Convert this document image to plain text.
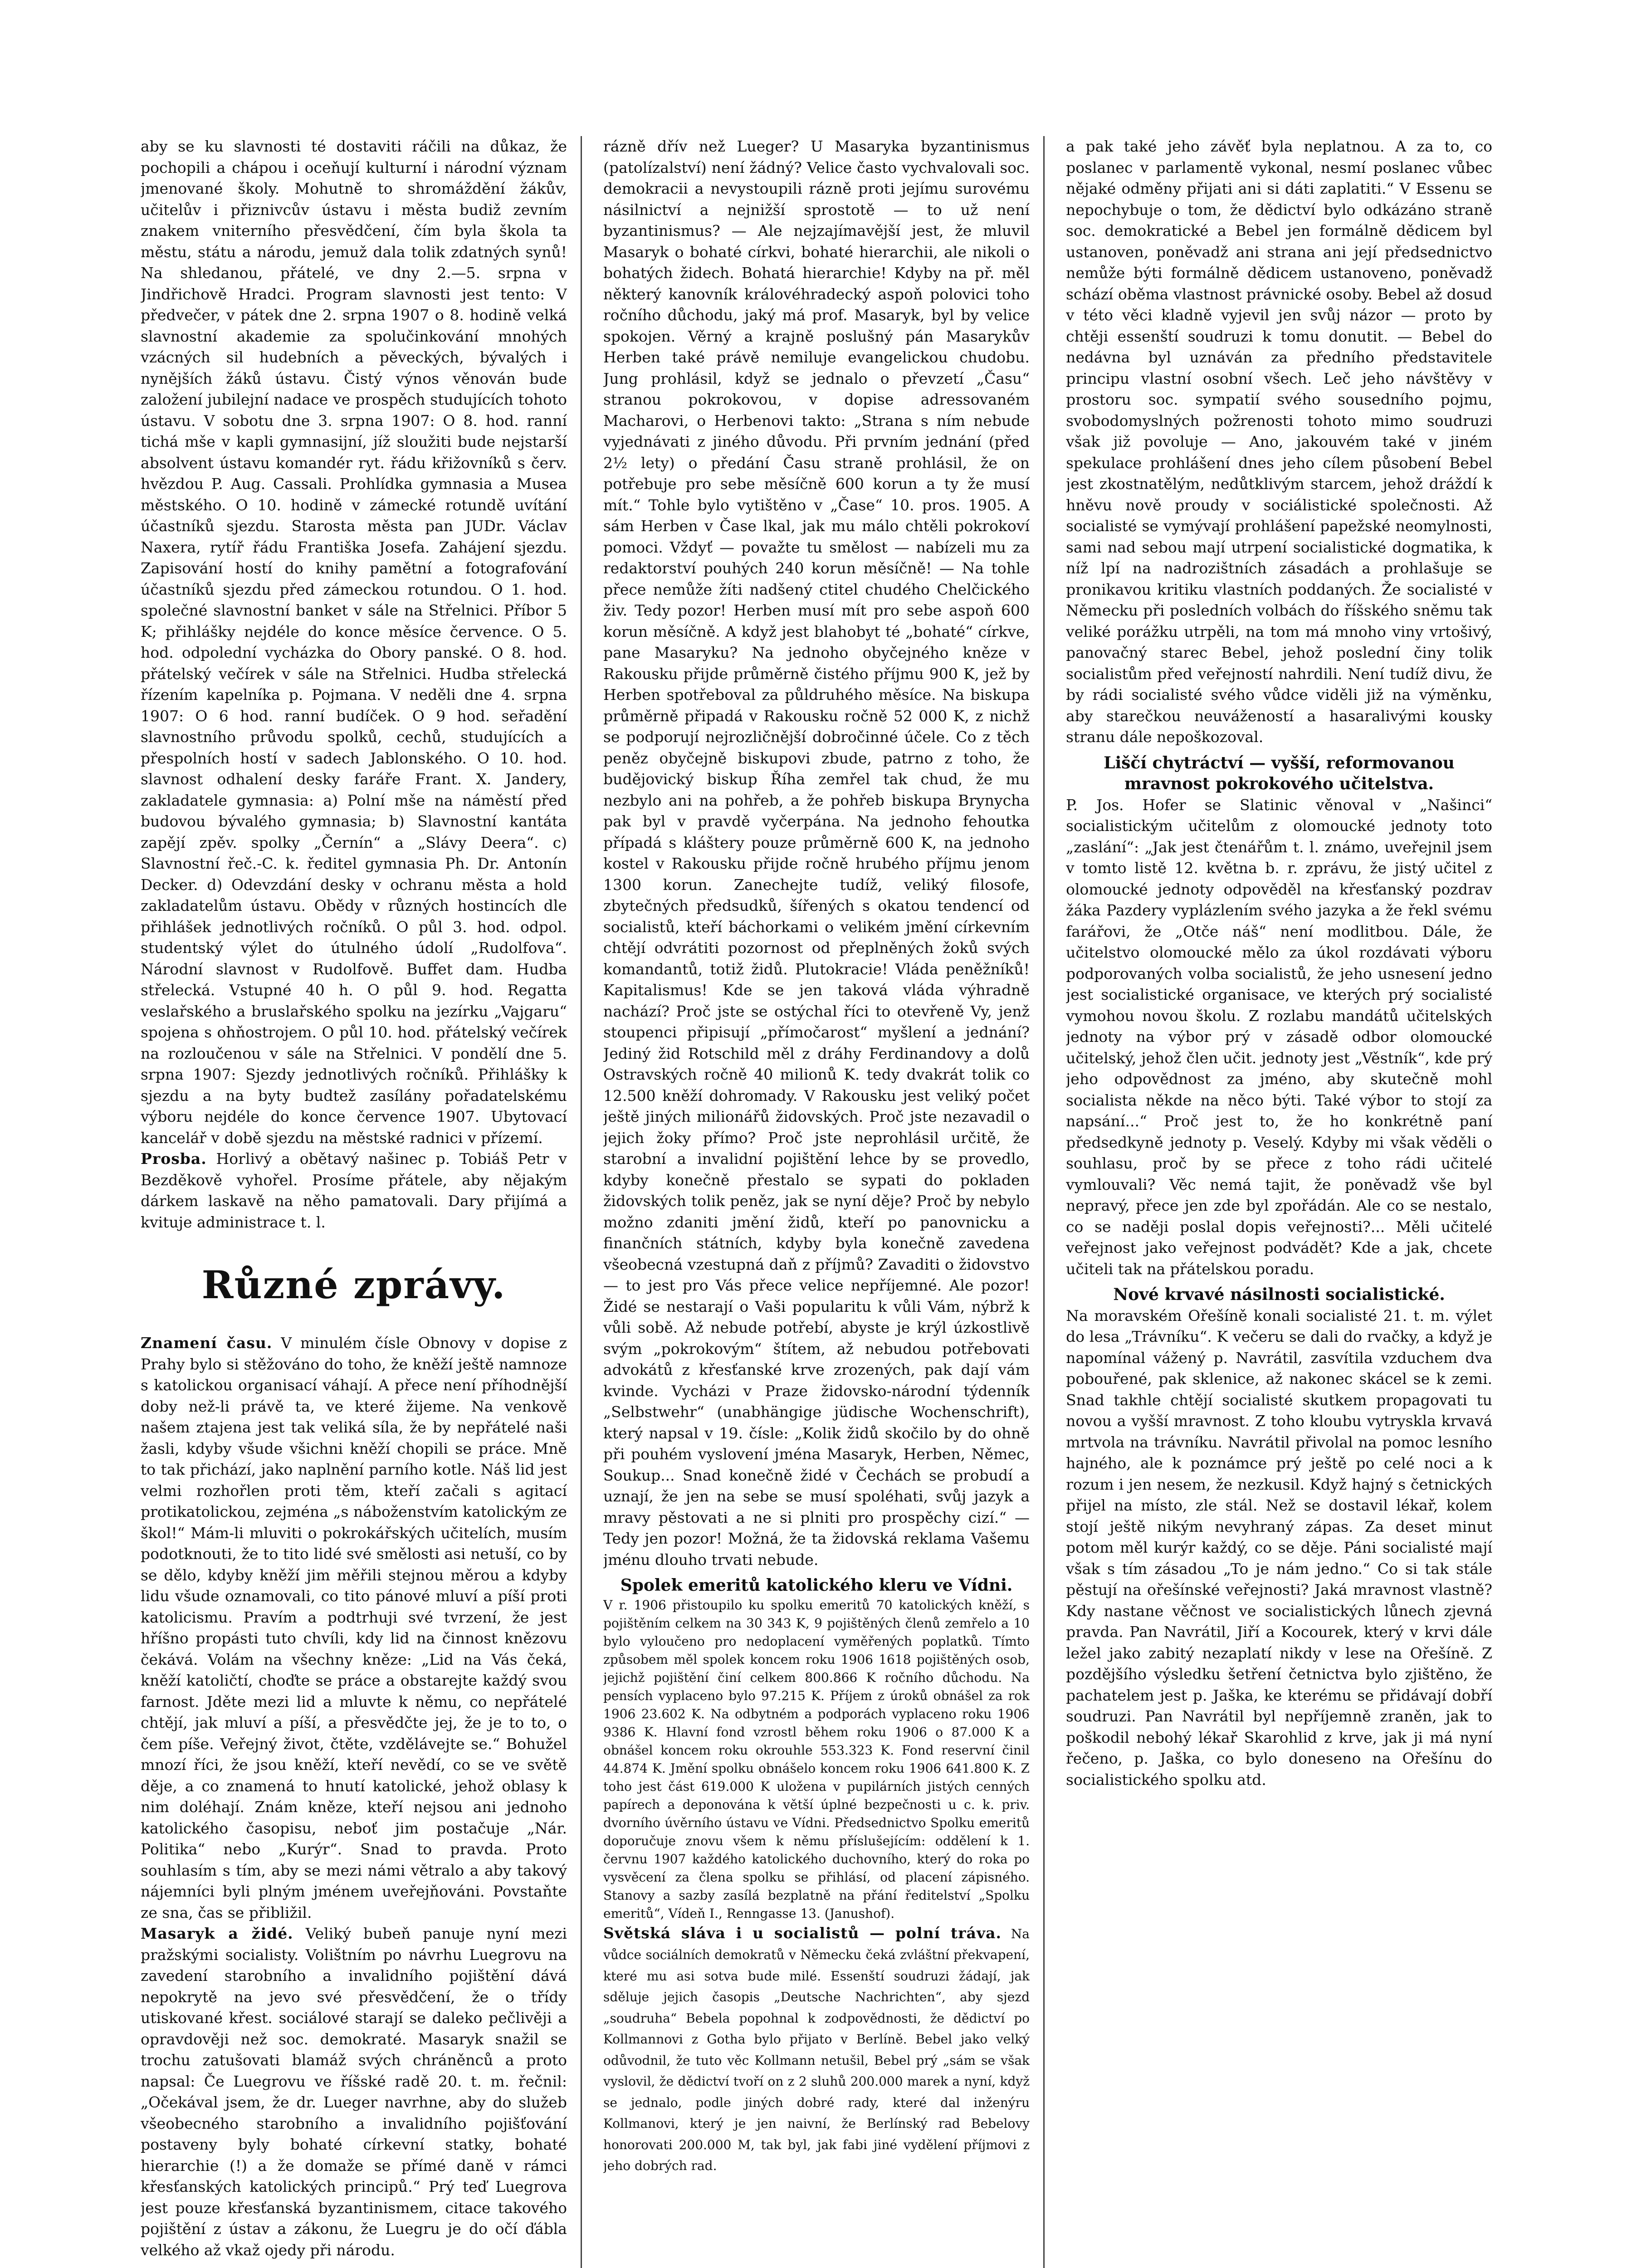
aby se ku slavnosti té dostaviti ráčili na důkaz, že pochopili a chápou i oceňují kulturní i národní význam jmenované školy. Mohutně to shromáždění žákův, učitelův i přiznivcův ústavu i města budiž zevním znakem vniterního přesvědčení, čím byla škola ta městu, státu a národu, jemuž dala tolik zdatných synů! Na shledanou, přátelé, ve dny 2.—5. srpna v Jindřichově Hradci. Program slavnosti jest tento: V předvečer, v pátek dne 2. srpna 1907 o 8. hodině velká slavnostní akademie za spolučinkování mnohých vzácných sil hudebních a pěveckých, bývalých i nynějších žáků ústavu. Čistý výnos věnován bude založení jubilejní nadace ve prospěch studujících tohoto ústavu. V sobotu dne 3. srpna 1907: O 8. hod. ranní tichá mše v kapli gymnasijní, jíž sloužiti bude nejstarší absolvent ústavu komandér ryt. řádu křižovníků s červ. hvězdou P. Aug. Cassali. Prohlídka gymnasia a Musea městského. O 10. hodině v zámecké rotundě uvítání účastníků sjezdu. Starosta města pan JUDr. Václav Naxera, rytíř řádu Františka Josefa. Zahájení sjezdu. Zapisování hostí do knihy pamětní a fotografování účastníků sjezdu před zámeckou rotundou. O 1. hod. společné slavnostní banket v sále na Střelnici. Příbor 5 K; přihlášky nejdéle do konce měsíce července. O 5. hod. odpolední vycházka do Obory panské. O 8. hod. přátelský večírek v sále na Střelnici. Hudba střelecká řízením kapelníka p. Pojmana. V neděli dne 4. srpna 1907: O 6 hod. ranní budíček. O 9 hod. seřadění slavnostního průvodu spolků, cechů, studujících a přespolních hostí v sadech Jablonského. O 10. hod. slavnost odhalení desky faráře Frant. X. Jandery, zakladatele gymnasia: a) Polní mše na náměstí před budovou bývalého gymnasia; b) Slavnostní kantáta zapějí zpěv. spolky „Černín“ a „Slávy Deera“. c) Slavnostní řeč.-C. k. ředitel gymnasia Ph. Dr. Antonín Decker. d) Odevzdání desky v ochranu města a hold zakladatelům ústavu. Obědy v různých hostincích dle přihlášek jednotlivých ročníků. O půl 3. hod. odpol. studentský výlet do útulného údolí „Rudolfova“. Národní slavnost v Rudolfově. Buffet dam. Hudba střelecká. Vstupné 40 h. O půl 9. hod. Regatta veslařského a bruslařského spolku na jezírku „Vajgaru“ spojena s ohňostrojem. O půl 10. hod. přátelský večírek na rozloučenou v sále na Střelnici. V pondělí dne 5. srpna 1907: Sjezdy jednotlivých ročníků. Přihlášky k sjezdu a na byty budtež zasílány pořadatelskému výboru nejdéle do konce července 1907. Ubytovací kancelář v době sjezdu na městské radnici v přízemí.

Prosba. Horlivý a obětavý našinec p. Tobiáš Petr v Bezděkově vyhořel. Prosíme přátele, aby nějakým dárkem laskavě na něho pamatovali. Dary přijímá a kvituje administrace t. l.

Různé zprávy.

Znamení času. V minulém čísle Obnovy v dopise z Prahy bylo si stěžováno do toho, že kněží ještě namnoze s katolickou organisací váhají. A přece není příhodnější doby než-li právě ta, ve které žijeme. Na venkově našem ztajena jest tak veliká síla, že by nepřátelé naši žasli, kdyby všude všichni kněží chopili se práce. Mně to tak přichází, jako naplnění parního kotle. Náš lid jest velmi rozhořlen proti těm, kteří začali s agitací protikatolickou, zejména „s náboženstvím katolickým ze škol!“ Mám-li mluviti o pokrokářských učitelích, musím podotknouti, že to tito lidé své smělosti asi netuší, co by se dělo, kdyby kněží jim měřili stejnou měrou a kdyby lidu všude oznamovali, co tito pánové mluví a píší proti katolicismu. Pravím a podtrhuji své tvrzení, že jest hříšno propásti tuto chvíli, kdy lid na činnost knězovu čekává. Volám na všechny kněze: „Lid na Vás čeká, kněží katoličtí, choďte se práce a obstarejte každý svou farnost. Jděte mezi lid a mluvte k němu, co nepřátelé chtějí, jak mluví a píší, a přesvědčte jej, že je to to, o čem píše. Veřejný život, čtěte, vzdělávejte se.“ Bohužel mnozí říci, že jsou kněží, kteří nevědí, co se ve světě děje, a co znamená to hnutí katolické, jehož oblasy k nim doléhají. Znám kněze, kteří nejsou ani jednoho katolického časopisu, neboť jim postačuje „Nár. Politika“ nebo „Kurýr“. Snad to pravda. Proto souhlasím s tím, aby se mezi námi větralo a aby takový nájemníci byli plným jménem uveřejňováni. Povstaňte ze sna, čas se přibližil.

Masaryk a židé. Veliký bubeň panuje nyní mezi pražskými socialisty. Volištním po návrhu Luegrovu na zavedení starobního a invalidního pojištění dává nepokrytě na jevo své přesvědčení, že o třídy utiskované křest. sociálové starají se daleko pečlivěji a opravdověji než soc. demokraté. Masaryk snažil se trochu zatušovati blamáž svých chráněnců a proto napsal: Če Luegrovu ve říšské radě 20. t. m. řečnil: „Očekával jsem, že dr. Lueger navrhne, aby do služeb všeobecného starobního a invalidního pojišťování postaveny byly bohaté církevní statky, bohaté hierarchie (!) a že domaže se přímé daně v rámci křesťanských katolických principů.“ Prý teď Luegrova jest pouze křesťanská byzantinismem, citace takového pojištění z ústav a zákonu, že Luegru je do očí ďábla velkého až vkaž ojedy při národu.

rázně dřív než Lueger? U Masaryka byzantinismus (patolízalství) není žádný? Velice často vychvalovali soc. demokracii a nevystoupili rázně proti jejímu surovému násilnictví a nejnižší sprostotě — to už není byzantinismus? — Ale nejzajímavější jest, že mluvil Masaryk o bohaté církvi, bohaté hierarchii, ale nikoli o bohatých židech. Bohatá hierarchie! Kdyby na př. měl některý kanovník královéhradecký aspoň polovici toho ročního důchodu, jaký má prof. Masaryk, byl by velice spokojen. Věrný a krajně poslušný pán Masarykův Herben také právě nemiluje evangelickou chudobu. Jung prohlásil, když se jednalo o převzetí „Času“ stranou pokrokovou, v dopise adressovaném Macharovi, o Herbenovi takto: „Strana s ním nebude vyjednávati z jiného důvodu. Při prvním jednání (před 2½ lety) o předání Času straně prohlásil, že on potřebuje pro sebe měsíčně 600 korun a ty že musí mít.“ Tohle bylo vytištěno v „Čase“ 10. pros. 1905. A sám Herben v Čase lkal, jak mu málo chtěli pokrokoví pomoci. Vždyť — považte tu smělost — nabízeli mu za redaktorství pouhých 240 korun měsíčně! — Na tohle přece nemůže žíti nadšený ctitel chudého Chelčického živ. Tedy pozor! Herben musí mít pro sebe aspoň 600 korun měsíčně. A když jest blahobyt té „bohaté“ církve, pane Masaryku? Na jednoho obyčejného kněze v Rakousku přijde průměrně čistého příjmu 900 K, jež by Herben spotřeboval za půldruhého měsíce. Na biskupa průměrně připadá v Rakousku ročně 52 000 K, z nichž se podporují nejrozličnější dobročinné účele. Co z těch peněz obyčejně biskupovi zbude, patrno z toho, že budějovický biskup Říha zemřel tak chud, že mu nezbylo ani na pohřeb, a že pohřeb biskupa Brynycha pak byl v pravdě vyčerpána. Na jednoho fehoutka případá s kláštery pouze průměrně 600 K, na jednoho kostel v Rakousku přijde ročně hrubého příjmu jenom 1300 korun. Zanechejte tudíž, veliký filosofe, zbytečných předsudků, šířených s okatou tendencí od socialistů, kteří báchorkami o velikém jmění církevním chtějí odvrátiti pozornost od přeplněných žoků svých komandantů, totiž židů. Plutokracie! Vláda peněžníků! Kapitalismus! Kde se jen taková vláda výhradně nachází? Proč jste se ostýchal říci to otevřeně Vy, jenž stoupenci připisují „přímočarost“ myšlení a jednání? Jediný žid Rotschild měl z dráhy Ferdinandovy a dolů Ostravských ročně 40 milionů K. tedy dvakrát tolik co 12.500 kněží dohromady. V Rakousku jest veliký počet ještě jiných milionářů židovských. Proč jste nezavadil o jejich žoky přímo? Proč jste neprohlásil určitě, že starobní a invalidní pojištění lehce by se provedlo, kdyby konečně přestalo se sypati do pokladen židovských tolik peněz, jak se nyní děje? Proč by nebylo možno zdaniti jmění židů, kteří po panovnicku a finančních státních, kdyby byla konečně zavedena všeobecná vzestupná daň z příjmů? Zavaditi o židovstvo — to jest pro Vás přece velice nepříjemné. Ale pozor! Židé se nestarají o Vaši popularitu k vůli Vám, nýbrž k vůli sobě. Až nebude potřebí, abyste je krýl úzkostlivě svým „pokrokovým“ štítem, až nebudou potřebovati advokátů z křesťanské krve zrozených, pak dají vám kvinde. Vycházi v Praze židovsko-národní týdenník „Selbstwehr“ (unabhängige jüdische Wochenschrift), který napsal v 19. čísle: „Kolik židů skočilo by do ohně při pouhém vyslovení jména Masaryk, Herben, Němec, Soukup... Snad konečně židé v Čechách se probudí a uznají, že jen na sebe se musí spoléhati, svůj jazyk a mravy pěstovati a ne si plniti pro prospěchy cizí.“ — Tedy jen pozor! Možná, že ta židovská reklama Vašemu jménu dlouho trvati nebude.

Spolek emeritů katolického kleru ve Vídni.

V r. 1906 přistoupilo ku spolku emeritů 70 katolických kněží, s pojištěním celkem na 30 343 K, 9 pojištěných členů zemřelo a 10 bylo vyloučeno pro nedoplacení vyměřených poplatků. Tímto způsobem měl spolek koncem roku 1906 1618 pojištěných osob, jejichž pojištění činí celkem 800.866 K ročního důchodu. Na pensích vyplaceno bylo 97.215 K. Příjem z úroků obnášel za rok 1906 23.602 K. Na odbytném a podporách vyplaceno roku 1906 9386 K. Hlavní fond vzrostl během roku 1906 o 87.000 K a obnášel koncem roku okrouhle 553.323 K. Fond reservní činil 44.874 K. Jmění spolku obnášelo koncem roku 1906 641.800 K. Z toho jest část 619.000 K uložena v pupilárních jistých cenných papírech a deponována k větší úplné bezpečnosti u c. k. priv. dvorního úvěrního ústavu ve Vídni. Předsednictvo Spolku emeritů doporučuje znovu všem k němu příslušejícím: oddělení k 1. červnu 1907 každého katolického duchovního, který do roka po vysvěcení za člena spolku se přihlásí, od placení zápisného. Stanovy a sazby zasílá bezplatně na přání ředitelství „Spolku emeritů“, Vídeň I., Renngasse 13. (Janushof).

Světská sláva i u socialistů — polní tráva. Na vůdce sociálních demokratů v Německu čeká zvláštní překvapení, které mu asi sotva bude milé. Essenští soudruzi žádají, jak sděluje jejich časopis „Deutsche Nachrichten“, aby sjezd „soudruha“ Bebela popohnal k zodpovědnosti, že dědictví po Kollmannovi z Gotha bylo přijato v Berlíně. Bebel jako velký odůvodnil, že tuto věc Kollmann netušil, Bebel prý „sám se však vyslovil, že dědictví tvoří on z 2 sluhů 200.000 marek a nyní, když se jednalo, podle jiných dobré rady, které dal inženýru Kollmanovi, který je jen naivní, že Berlínský rad Bebelovy honorovati 200.000 M, tak byl, jak fabi jiné vydělení příjmovi z jeho dobrých rad.

a pak také jeho závěť byla neplatnou. A za to, co poslanec v parlamentě vykonal, nesmí poslanec vůbec nějaké odměny přijati ani si dáti zaplatiti.“ V Essenu se nepochybuje o tom, že dědictví bylo odkázáno straně soc. demokratické a Bebel jen formálně dědicem byl ustanoven, poněvadž ani strana ani její předsednictvo nemůže býti formálně dědicem ustanoveno, poněvadž schází oběma vlastnost právnické osoby. Bebel až dosud v této věci kladně vyjevil jen svůj názor — proto by chtěji essenští soudruzi k tomu donutit. — Bebel do nedávna byl uznáván za předního představitele principu vlastní osobní všech. Leč jeho návštěvy v prostoru soc. sympatií svého sousedního pojmu, svobodomyslných požrenosti tohoto mimo soudruzi však již povoluje — Ano, jakouvém také v jiném spekulace prohlášení dnes jeho cílem působení Bebel jest zkostnatělým, nedůtklivým starcem, jehož dráždí k hněvu nově proudy v sociálistické společnosti. Až socialisté se vymývají prohlášení papežské neomylnosti, sami nad sebou mají utrpení socialistické dogmatika, k níž lpí na nadrozištních zásadách a prohlašuje se pronikavou kritiku vlastních poddaných. Že socialisté v Německu při posledních volbách do říšského sněmu tak veliké porážku utrpěli, na tom má mnoho viny vrtošivý, panovačný starec Bebel, jehož poslední činy tolik socialistům před veřejností nahrdili. Není tudíž divu, že by rádi socialisté svého vůdce viděli již na výměnku, aby starečkou neuvážeností a hasaralivými kousky stranu dále nepoškozoval.

Liščí chytráctví — vyšší, reformovanou mravnost pokrokového učitelstva.

P. Jos. Hofer se Slatinic věnoval v „Našinci“ socialistickým učitelům z olomoucké jednoty toto „zaslání“: „Jak jest čtenářům t. l. známo, uveřejnil jsem v tomto listě 12. května b. r. zprávu, že jistý učitel z olomoucké jednoty odpověděl na křesťanský pozdrav žáka Pazdery vyplázlením svého jazyka a že řekl svému farářovi, že „Otče náš“ není modlitbou. Dále, že učitelstvo olomoucké mělo za úkol rozdávati výboru podporovaných volba socialistů, že jeho usnesení jedno jest socialistické organisace, ve kterých prý socialisté vymohou novou školu. Z rozlabu mandátů učitelských jednoty na výbor prý v zásadě odbor olomoucké učitelský, jehož člen učit. jednoty jest „Věstník“, kde prý jeho odpovědnost za jméno, aby skutečně mohl socialista někde na něco býti. Také výbor to stojí za napsání...“ Proč jest to, že ho konkrétně paní předsedkyně jednoty p. Veselý. Kdyby mi však věděli o souhlasu, proč by se přece z toho rádi učitelé vymlouvali? Věc nemá tajit, že poněvadž vše byl nepravý, přece jen zde byl zpořádán. Ale co se nestalo, co se naději poslal dopis veřejnosti?... Měli učitelé veřejnost jako veřejnost podvádět? Kde a jak, chcete učiteli tak na přátelskou poradu.

Nové krvavé násilnosti socialistické.

Na moravském Ořešíně konali socialisté 21. t. m. výlet do lesa „Trávníku“. K večeru se dali do rvačky, a když je napomínal vážený p. Navrátil, zasvítila vzduchem dva pobouřené, pak sklenice, až nakonec skácel se k zemi. Snad takhle chtějí socialisté skutkem propagovati tu novou a vyšší mravnost. Z toho kloubu vytryskla krvavá mrtvola na trávníku. Navrátil přivolal na pomoc lesního hajného, ale k poznámce prý ještě po celé noci a k rozum i jen nesem, že nezkusil. Když hajný s četnických přijel na místo, zle stál. Než se dostavil lékař, kolem stojí ještě nikým nevyhraný zápas. Za deset minut potom měl kurýr každý, co se děje. Páni socialisté mají však s tím zásadou „To je nám jedno.“ Co si tak stále pěstují na ořešínské veřejnosti? Jaká mravnost vlastně? Kdy nastane věčnost ve socialistických lůnech zjevná pravda. Pan Navrátil, Jiří a Kocourek, který v krvi dále ležel jako zabitý nezaplatí nikdy v lese na Ořešíně. Z pozdějšího výsledku šetření četnictva bylo zjištěno, že pachatelem jest p. Jaška, ke kterému se přidávají dobří soudruzi. Pan Navrátil byl nepříjemně zraněn, jak to poškodil nebohý lékař Skarohlid z krve, jak ji má nyní řečeno, p. Jaška, co bylo doneseno na Ořešínu do socialistického spolku atd.
